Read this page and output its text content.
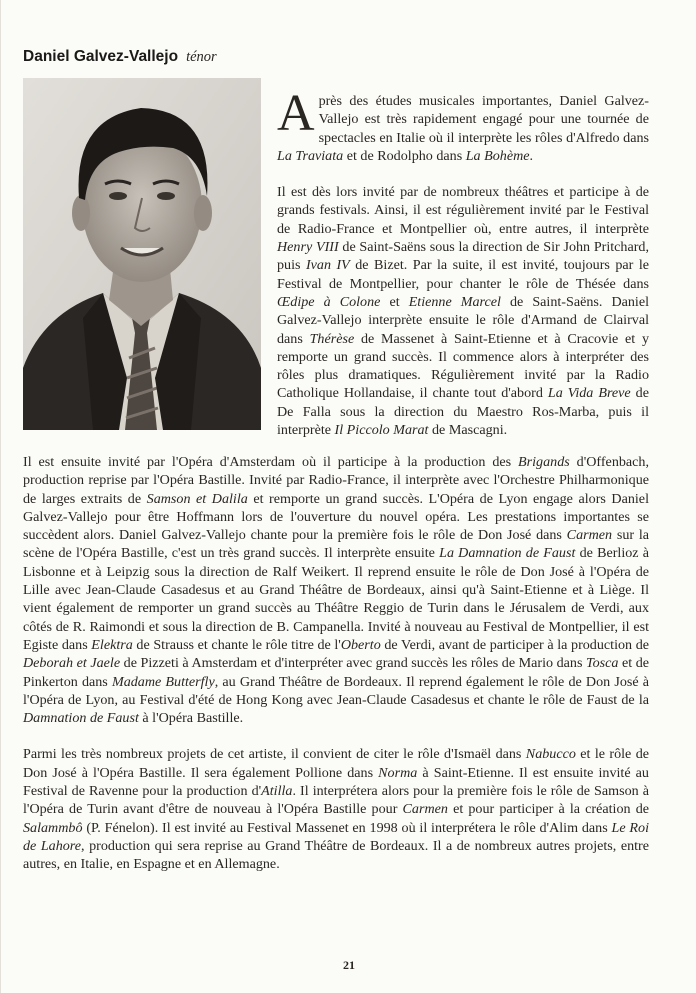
Daniel Galvez-Vallejo ténor

Après des études musicales importantes, Daniel Galvez-Vallejo est très rapidement engagé pour une tournée de spectacles en Italie où il interprète les rôles d'Alfredo dans La Traviata et de Rodolpho dans La Bohème.

Il est dès lors invité par de nombreux théâtres et participe à de grands festivals. Ainsi, il est régulièrement invité par le Festival de Radio-France et Montpellier où, entre autres, il interprète Henry VIII de Saint-Saëns sous la direction de Sir John Pritchard, puis Ivan IV de Bizet. Par la suite, il est invité, toujours par le Festival de Montpellier, pour chanter le rôle de Thésée dans Œdipe à Colone et Etienne Marcel de Saint-Saëns. Daniel Galvez-Vallejo interprète ensuite le rôle d'Armand de Clairval dans Thérèse de Massenet à Saint-Etienne et à Cracovie et y remporte un grand succès. Il commence alors à interpréter des rôles plus dramatiques. Régulièrement invité par la Radio Catholique Hollandaise, il chante tout d'abord La Vida Breve de De Falla sous la direction du Maestro Ros-Marba, puis il interprète Il Piccolo Marat de Mascagni.

Il est ensuite invité par l'Opéra d'Amsterdam où il participe à la production des Brigands d'Offenbach, production reprise par l'Opéra Bastille. Invité par Radio-France, il interprète avec l'Orchestre Philharmonique de larges extraits de Samson et Dalila et remporte un grand succès. L'Opéra de Lyon engage alors Daniel Galvez-Vallejo pour être Hoffmann lors de l'ouverture du nouvel opéra. Les prestations importantes se succèdent alors. Daniel Galvez-Vallejo chante pour la première fois le rôle de Don José dans Carmen sur la scène de l'Opéra Bastille, c'est un très grand succès. Il interprète ensuite La Damnation de Faust de Berlioz à Lisbonne et à Leipzig sous la direction de Ralf Weikert. Il reprend ensuite le rôle de Don José à l'Opéra de Lille avec Jean-Claude Casadesus et au Grand Théâtre de Bordeaux, ainsi qu'à Saint-Etienne et à Liège. Il vient également de remporter un grand succès au Théâtre Reggio de Turin dans le Jérusalem de Verdi, aux côtés de R. Raimondi et sous la direction de B. Campanella. Invité à nouveau au Festival de Montpellier, il est Egiste dans Elektra de Strauss et chante le rôle titre de l'Oberto de Verdi, avant de participer à la production de Deborah et Jaele de Pizzeti à Amsterdam et d'interpréter avec grand succès les rôles de Mario dans Tosca et de Pinkerton dans Madame Butterfly, au Grand Théâtre de Bordeaux. Il reprend également le rôle de Don José à l'Opéra de Lyon, au Festival d'été de Hong Kong avec Jean-Claude Casadesus et chante le rôle de Faust de la Damnation de Faust à l'Opéra Bastille.

Parmi les très nombreux projets de cet artiste, il convient de citer le rôle d'Ismaël dans Nabucco et le rôle de Don José à l'Opéra Bastille. Il sera également Pollione dans Norma à Saint-Etienne. Il est ensuite invité au Festival de Ravenne pour la production d'Atilla. Il interprétera alors pour la première fois le rôle de Samson à l'Opéra de Turin avant d'être de nouveau à l'Opéra Bastille pour Carmen et pour participer à la création de Salammbô (P. Fénelon). Il est invité au Festival Massenet en 1998 où il interprétera le rôle d'Alim dans Le Roi de Lahore, production qui sera reprise au Grand Théâtre de Bordeaux. Il a de nombreux autres projets, entre autres, en Italie, en Espagne et en Allemagne.

21
